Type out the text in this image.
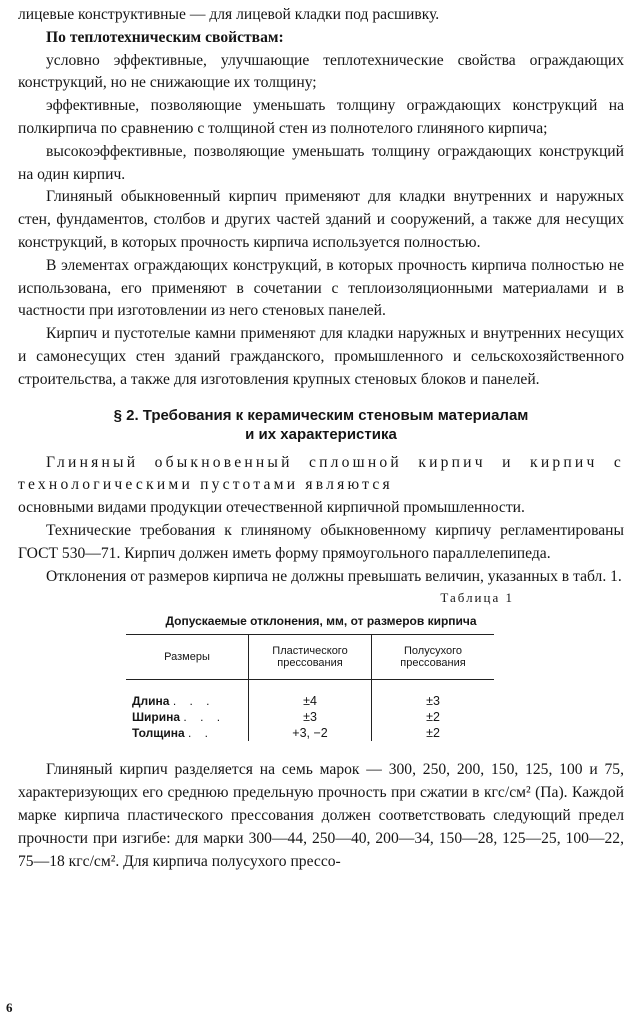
лицевые конструктивные — для лицевой кладки под расшивку.

По теплотехническим свойствам:

условно эффективные, улучшающие теплотехнические свойства ограждающих конструкций, но не снижающие их толщину;

эффективные, позволяющие уменьшать толщину ограждающих конструкций на полкирпича по сравнению с толщиной стен из полнотелого глиняного кирпича;

высокоэффективные, позволяющие уменьшать толщину ограждающих конструкций на один кирпич.

Глиняный обыкновенный кирпич применяют для кладки внутренних и наружных стен, фундаментов, столбов и других частей зданий и сооружений, а также для несущих конструкций, в которых прочность кирпича используется полностью.

В элементах ограждающих конструкций, в которых прочность кирпича полностью не использована, его применяют в сочетании с теплоизоляционными материалами и в частности при изготовлении из него стеновых панелей.

Кирпич и пустотелые камни применяют для кладки наружных и внутренних несущих и самонесущих стен зданий гражданского, промышленного и сельскохозяйственного строительства, а также для изготовления крупных стеновых блоков и панелей.

§ 2. Требования к керамическим стеновым материалам
и их характеристика

Глиняный обыкновенный сплошной кирпич и кирпич с технологическими пустотами являются

основными видами продукции отечественной кирпичной промышленности.

Технические требования к глиняному обыкновенному кирпичу регламентированы ГОСТ 530—71. Кирпич должен иметь форму прямоугольного параллелепипеда.

Отклонения от размеров кирпича не должны превышать величин, указанных в табл. 1.

Таблица 1
Допускаемые отклонения, мм, от размеров кирпича
Размеры	Пластического прессования	Полусухого прессования
Длина . . .	±4	±3
Ширина . . .	±3	±2
Толщина . .	+3, −2	±2

Глиняный кирпич разделяется на семь марок — 300, 250, 200, 150, 125, 100 и 75, характеризующих его среднюю предельную прочность при сжатии в кгс/см² (Па). Каждой марке кирпича пластического прессования должен соответствовать следующий предел прочности при изгибе: для марки 300—44, 250—40, 200—34, 150—28, 125—25, 100—22, 75—18 кгс/см². Для кирпича полусухого прессо-

6
